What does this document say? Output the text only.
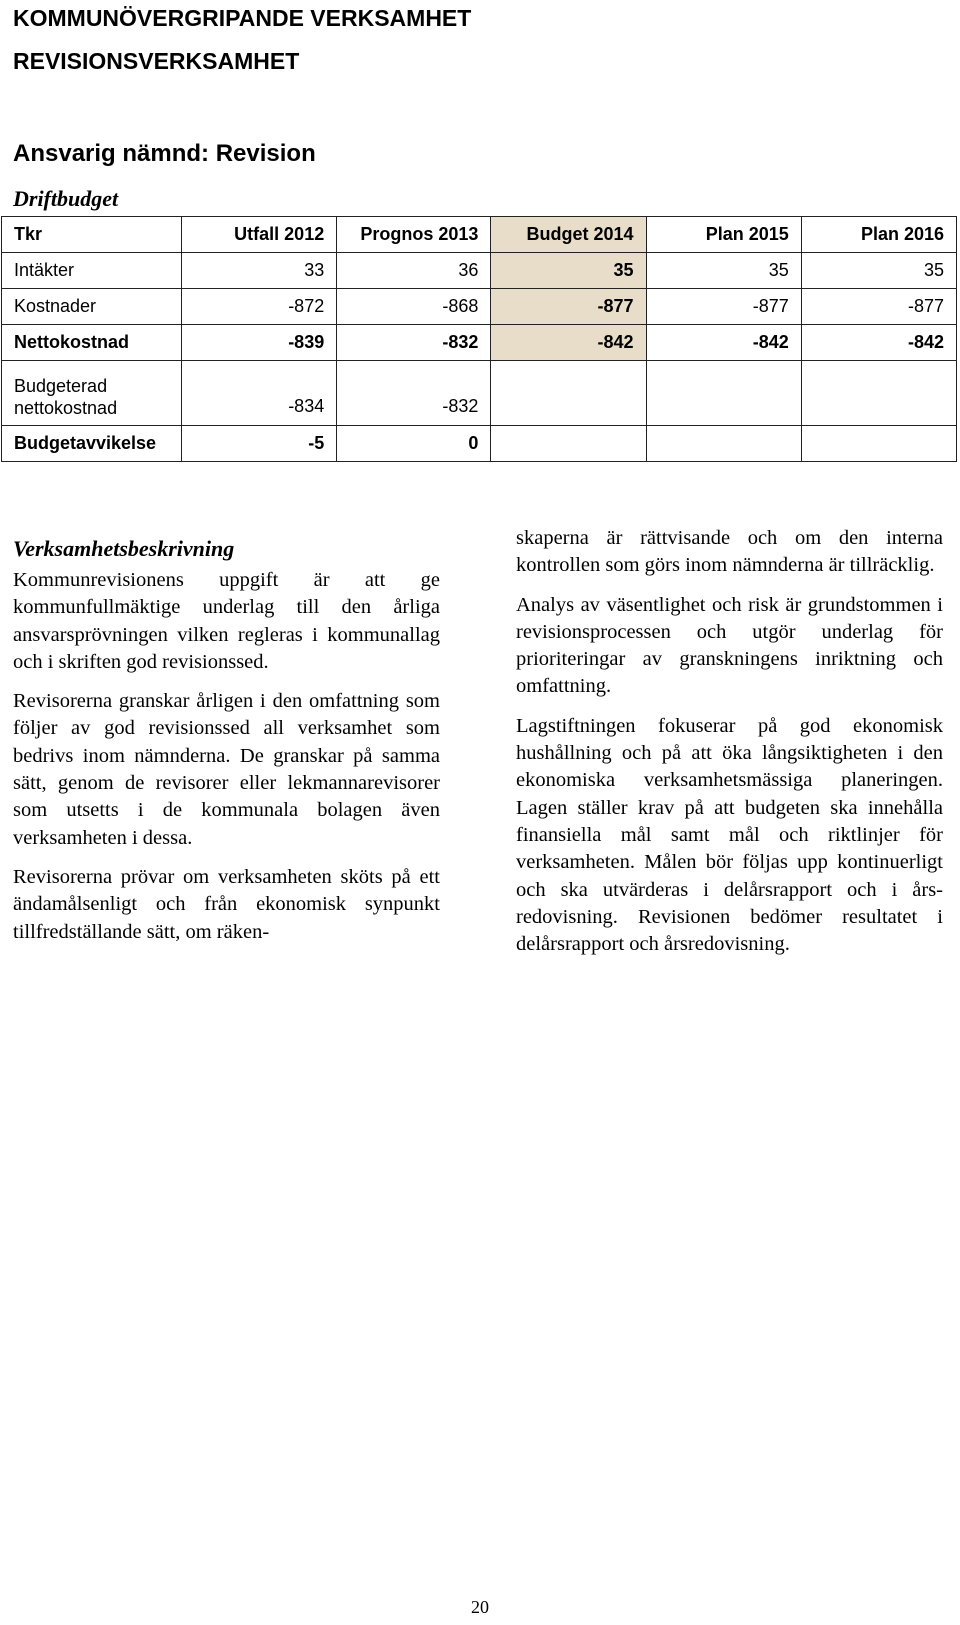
KOMMUNÖVERGRIPANDE VERKSAMHET
REVISIONSVERKSAMHET
Ansvarig nämnd: Revision
Driftbudget
Tkr	Utfall 2012	Prognos 2013	Budget 2014	Plan 2015	Plan 2016
Intäkter	33	36	35	35	35
Kostnader	-872	-868	-877	-877	-877
Nettokostnad	-839	-832	-842	-842	-842
Budgeterad nettokostnad	-834	-832			
Budgetavvikelse	-5	0			
Verksamhetsbeskrivning

Kommunrevisionens uppgift är att ge kommunfullmäktige underlag till den årliga ansvarsprövningen vilken regleras i kommunallag och i skriften god revisionssed.

Revisorerna granskar årligen i den omfattning som följer av god revisionssed all verksamhet som bedrivs inom nämnderna. De granskar på samma sätt, genom de revisorer eller lekmannarevisorer som utsetts i de kommunala bolagen även verksamheten i dessa.

Revisorerna prövar om verksamheten sköts på ett ändamålsenligt och från ekonomisk synpunkt tillfredställande sätt, om räken-

skaperna är rättvisande och om den interna kontrollen som görs inom nämnderna är tillräcklig.

Analys av väsentlighet och risk är grundstommen i revisionsprocessen och utgör underlag för prioriteringar av granskningens inriktning och omfattning.

Lagstiftningen fokuserar på god ekonomisk hushållning och på att öka långsiktigheten i den ekonomiska verksamhetsmässiga planeringen. Lagen ställer krav på att budgeten ska innehålla finansiella mål samt mål och riktlinjer för verksamheten. Målen bör följas upp kontinuerligt och ska utvärderas i delårsrapport och i års-redovisning. Revisionen bedömer resultatet i delårsrapport och årsredovisning.

20
